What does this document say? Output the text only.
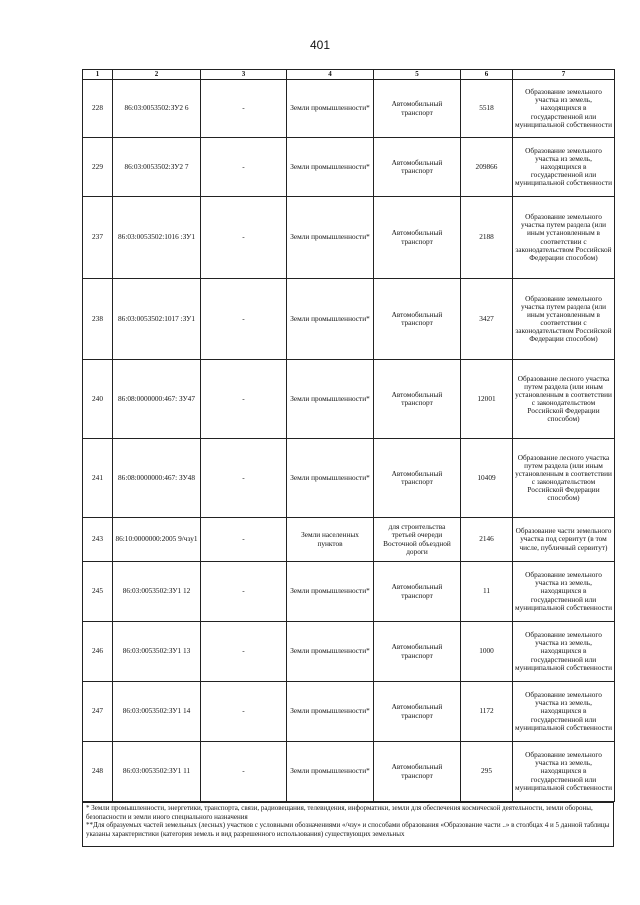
401
1	2	3	4	5	6	7
228	86:03:0053502:ЗУ2 6	-	Земли промышленности*	Автомобильный транспорт	5518	Образование земельного участка из земель, находящихся в государственной или муниципальной собственности
229	86:03:0053502:ЗУ2 7	-	Земли промышленности*	Автомобильный транспорт	209866	Образование земельного участка из земель, находящихся в государственной или муниципальной собственности
237	86:03:0053502:1016 :ЗУ1	-	Земли промышленности*	Автомобильный транспорт	2188	Образование земельного участка путем раздела (или иным установленным в соответствии с законодательством Российской Федерации способом)
238	86:03:0053502:1017 :ЗУ1	-	Земли промышленности*	Автомобильный транспорт	3427	Образование земельного участка путем раздела (или иным установленным в соответствии с законодательством Российской Федерации способом)
240	86:08:0000000:467: ЗУ47	-	Земли промышленности*	Автомобильный транспорт	12001	Образование лесного участка путем раздела (или иным установленным в соответствии с законодательством Российской Федерации способом)
241	86:08:0000000:467: ЗУ48	-	Земли промышленности*	Автомобильный транспорт	10409	Образование лесного участка путем раздела (или иным установленным в соответствии с законодательством Российской Федерации способом)
243	86:10:0000000:2005 9/чзу1	-	Земли населенных пунктов	для строительства третьей очереди Восточной объездной дороги	2146	Образование части земельного участка под сервитут (в том числе, публичный сервитут)
245	86:03:0053502:ЗУ1 12	-	Земли промышленности*	Автомобильный транспорт	11	Образование земельного участка из земель, находящихся в государственной или муниципальной собственности
246	86:03:0053502:ЗУ1 13	-	Земли промышленности*	Автомобильный транспорт	1000	Образование земельного участка из земель, находящихся в государственной или муниципальной собственности
247	86:03:0053502:ЗУ1 14	-	Земли промышленности*	Автомобильный транспорт	1172	Образование земельного участка из земель, находящихся в государственной или муниципальной собственности
248	86:03:0053502:ЗУ1 11	-	Земли промышленности*	Автомобильный транспорт	295	Образование земельного участка из земель, находящихся в государственной или муниципальной собственности

* Земли промышленности, энергетики, транспорта, связи, радиовещания, телевидения, информатики, земли для обеспечения космической деятельности, земли обороны, безопасности и земли иного специального назначения

**Для образуемых частей земельных (лесных) участков с условными обозначениями «/чзу» и способами образования «Образование части ..» в столбцах 4 и 5 данной таблицы указаны характеристики (категория земель и вид разрешенного использования) существующих земельных
